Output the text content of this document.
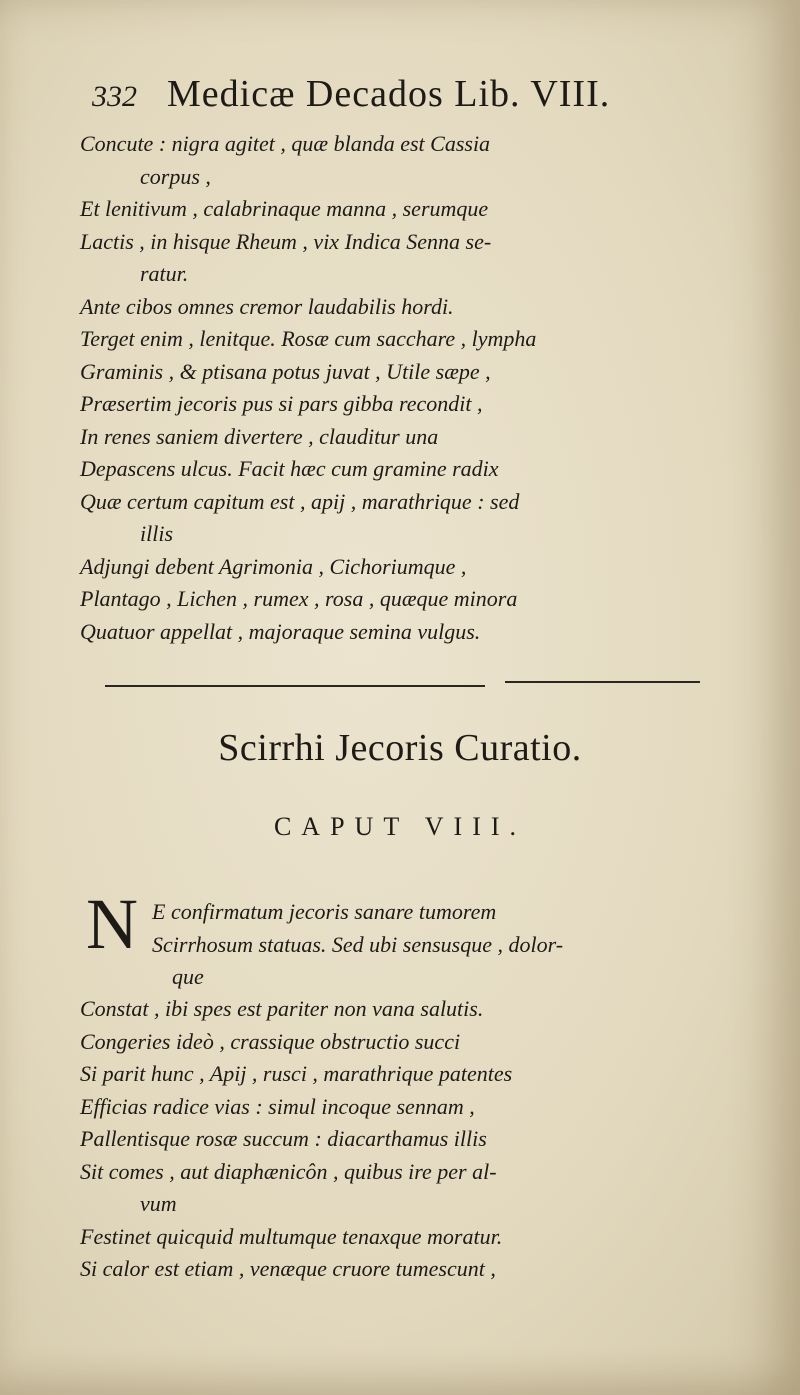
332 Medicæ Decados Lib. VIII.
Concute : nigra agitet , quæ blanda est Cassia
corpus ,
Et lenitivum , calabrinaque manna , serumque
Lactis , in hisque Rheum , vix Indica Senna se-
ratur.
Ante cibos omnes cremor laudabilis hordi.
Terget enim , lenitque. Rosæ cum sacchare , lympha
Graminis , & ptisana potus juvat , Utile sæpe ,
Præsertim jecoris pus si pars gibba recondit ,
In renes saniem divertere , clauditur una
Depascens ulcus. Facit hæc cum gramine radix
Quæ certum capitum est , apij , marathrique : sed
illis
Adjungi debent Agrimonia , Cichoriumque ,
Plantago , Lichen , rumex , rosa , quæque minora
Quatuor appellat , majoraque semina vulgus.
Scirrhi Jecoris Curatio.
CAPUT VIII.
N E confirmatum jecoris sanare tumorem
Scirrhosum statuas. Sed ubi sensusque , dolor-
que
Constat , ibi spes est pariter non vana salutis.
Congeries ideò , crassique obstructio succi
Si parit hunc , Apij , rusci , marathrique patentes
Efficias radice vias : simul incoque sennam ,
Pallentisque rosæ succum : diacarthamus illis
Sit comes , aut diaphænicôn , quibus ire per al-
vum
Festinet quicquid multumque tenaxque moratur.
Si calor est etiam , venæque cruore tumescunt ,
